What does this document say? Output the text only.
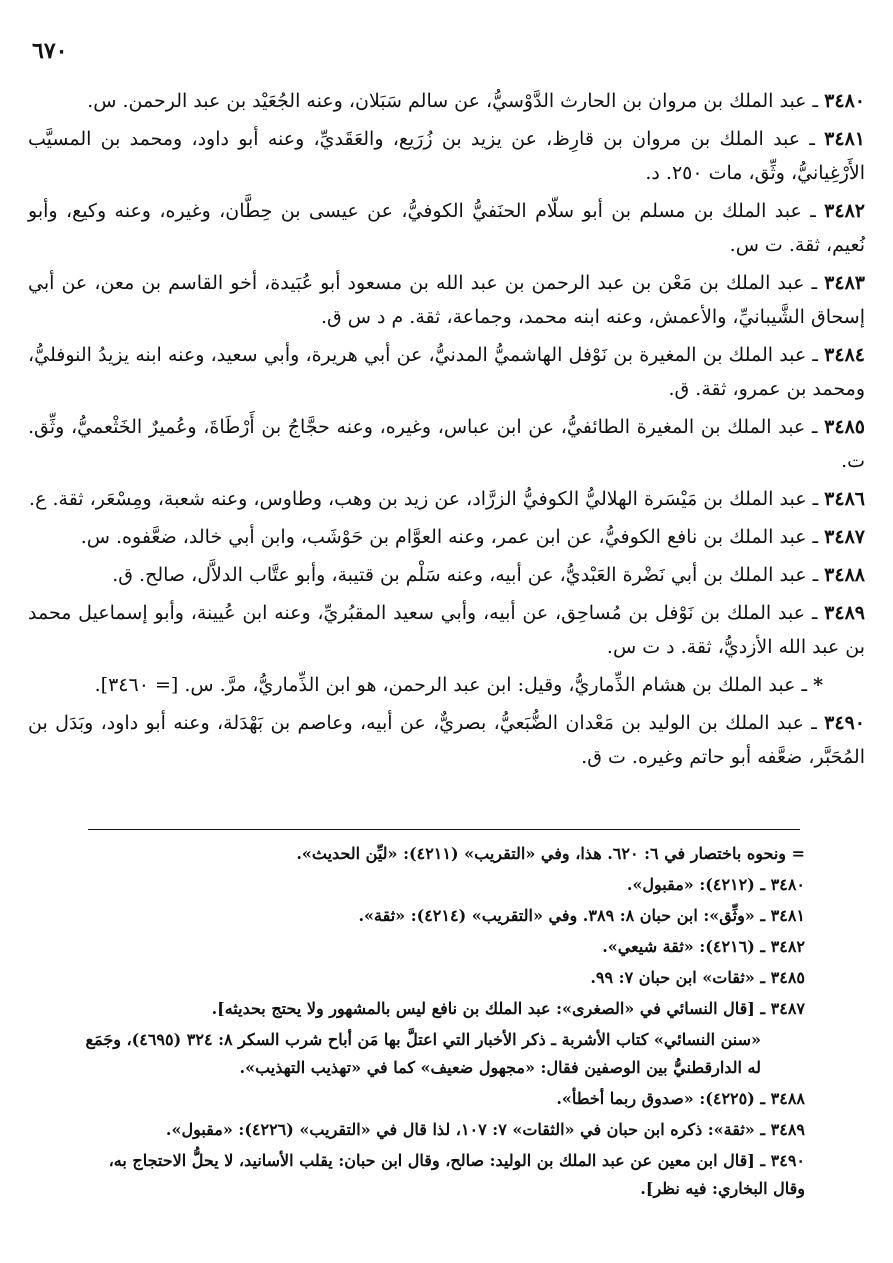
٦٧٠

٣٤٨٠ ـ عبد الملك بن مروان بن الحارث الدَّوْسيُّ، عن سالم سَبَلان، وعنه الجُعَيْد بن عبد الرحمن. س.

٣٤٨١ ـ عبد الملك بن مروان بن قارِظ، عن يزيد بن زُرَيع، والعَقَديِّ، وعنه أبو داود، ومحمد بن المسيَّب الأَرْغِيانيُّ، وثِّق، مات ٢٥٠. د.

٣٤٨٢ ـ عبد الملك بن مسلم بن أبو سلّام الحنَفيُّ الكوفيُّ، عن عيسى بن حِطَّان، وغيره، وعنه وكيع، وأبو نُعيم، ثقة. ت س.

٣٤٨٣ ـ عبد الملك بن مَعْن بن عبد الرحمن بن عبد الله بن مسعود أبو عُبَيدة، أخو القاسم بن معن، عن أبي إسحاق الشَّيبانيِّ، والأعمش، وعنه ابنه محمد، وجماعة، ثقة. م د س ق.

٣٤٨٤ ـ عبد الملك بن المغيرة بن نَوْفل الهاشميُّ المدنيُّ، عن أبي هريرة، وأبي سعيد، وعنه ابنه يزيدُ النوفليُّ، ومحمد بن عمرو، ثقة. ق.

٣٤٨٥ ـ عبد الملك بن المغيرة الطائفيُّ، عن ابن عباس، وغيره، وعنه حجَّاجُ بن أَرْطَاةَ، وعُميرٌ الخَثْعميُّ، وثِّق. ت.

٣٤٨٦ ـ عبد الملك بن مَيْسَرة الهلاليُّ الكوفيُّ الزرَّاد، عن زيد بن وهب، وطاوس، وعنه شعبة، ومِسْعَر، ثقة. ع.

٣٤٨٧ ـ عبد الملك بن نافع الكوفيُّ، عن ابن عمر، وعنه العوَّام بن حَوْشَب، وابن أبي خالد، ضعَّفوه. س.

٣٤٨٨ ـ عبد الملك بن أبي نَضْرة العَبْديُّ، عن أبيه، وعنه سَلْم بن قتيبة، وأبو عتَّاب الدلاَّل، صالح. ق.

٣٤٨٩ ـ عبد الملك بن نَوْفل بن مُساحِق، عن أبيه، وأبي سعيد المقبُريِّ، وعنه ابن عُيينة، وأبو إسماعيل محمد بن عبد الله الأزديُّ، ثقة. د ت س.

* ـ عبد الملك بن هشام الذِّماريُّ، وقيل: ابن عبد الرحمن، هو ابن الذِّماريُّ، مرَّ. س. [= ٣٤٦٠].

٣٤٩٠ ـ عبد الملك بن الوليد بن مَعْدان الضُّبَعيُّ، بصريٌّ، عن أبيه، وعاصم بن بَهْدَلة، وعنه أبو داود، وبَدَل بن المُحَبَّر، ضعَّفه أبو حاتم وغيره. ت ق.

= ونحوه باختصار في ٦: ٦٢٠. هذا، وفي «التقريب» (٤٢١١): «ليِّن الحديث».

٣٤٨٠ ـ (٤٢١٢): «مقبول».

٣٤٨١ ـ «وثِّق»: ابن حبان ٨: ٣٨٩. وفي «التقريب» (٤٢١٤): «ثقة».

٣٤٨٢ ـ (٤٢١٦): «ثقة شيعي».

٣٤٨٥ ـ «ثقات» ابن حبان ٧: ٩٩.

٣٤٨٧ ـ [قال النسائي في «الصغرى»: عبد الملك بن نافع ليس بالمشهور ولا يحتج بحديثه].

«سنن النسائي» كتاب الأشربة ـ ذكر الأخبار التي اعتلَّ بها مَن أباح شرب السكر ٨: ٣٢٤ (٤٦٩٥)، وجَمَع له الدارقطنيُّ بين الوصفين فقال: «مجهول ضعيف» كما في «تهذيب التهذيب».

٣٤٨٨ ـ (٤٢٢٥): «صدوق ربما أخطأ».

٣٤٨٩ ـ «ثقة»: ذكره ابن حبان في «الثقات» ٧: ١٠٧، لذا قال في «التقريب» (٤٢٢٦): «مقبول».

٣٤٩٠ ـ [قال ابن معين عن عبد الملك بن الوليد: صالح، وقال ابن حبان: يقلب الأسانيد، لا يحلُّ الاحتجاج به، وقال البخاري: فيه نظر].
